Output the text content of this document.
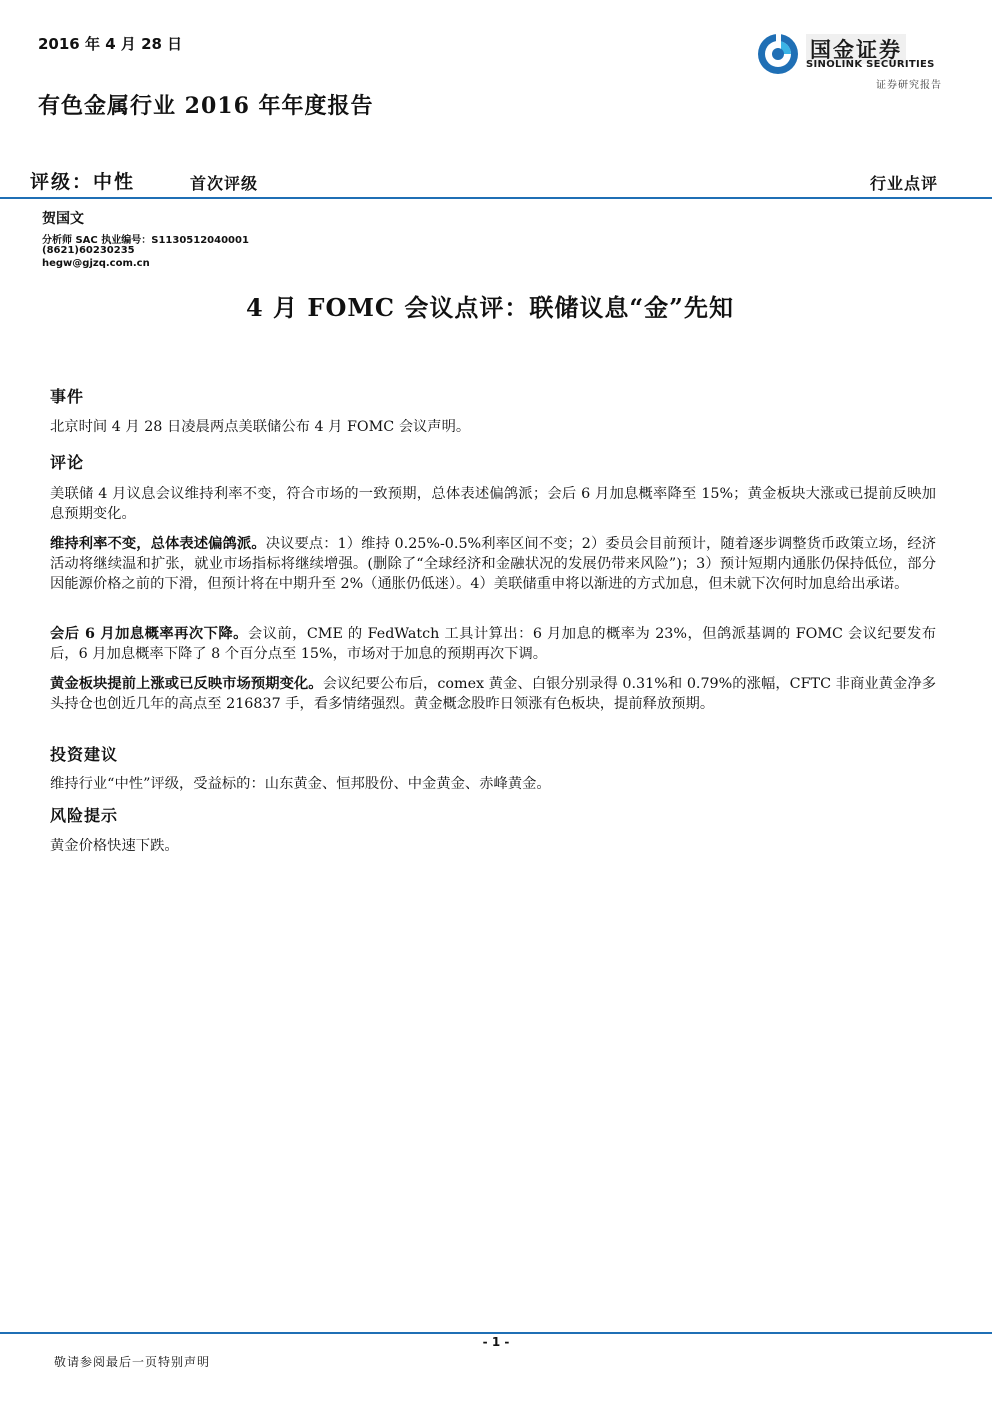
2016 年 4 月 28 日	国金证券
SINOLINK SECURITIES
证券研究报告
有色金属行业 2016 年年度报告
评级：中性	首次评级	行业点评
贺国文
分析师 SAC 执业编号：S1130512040001
(8621)60230235
hegw@gjzq.com.cn
4 月 FOMC 会议点评：联储议息“金”先知
事件
北京时间 4 月 28 日凌晨两点美联储公布 4 月 FOMC 会议声明。
评论
美联储 4 月议息会议维持利率不变，符合市场的一致预期，总体表述偏鸽派；会后 6 月加息概率降至 15%；黄金板块大涨或已提前反映加息预期变化。
维持利率不变，总体表述偏鸽派。决议要点：1）维持 0.25%-0.5%利率区间不变；2）委员会目前预计，随着逐步调整货币政策立场，经济活动将继续温和扩张，就业市场指标将继续增强。(删除了“全球经济和金融状况的发展仍带来风险”)；3）预计短期内通胀仍保持低位，部分因能源价格之前的下滑，但预计将在中期升至 2%（通胀仍低迷）。4）美联储重申将以渐进的方式加息，但未就下次何时加息给出承诺。
会后 6 月加息概率再次下降。会议前，CME 的 FedWatch 工具计算出：6 月加息的概率为 23%，但鸽派基调的 FOMC 会议纪要发布后，6 月加息概率下降了 8 个百分点至 15%，市场对于加息的预期再次下调。
黄金板块提前上涨或已反映市场预期变化。会议纪要公布后，comex 黄金、白银分别录得 0.31%和 0.79%的涨幅，CFTC 非商业黄金净多头持仓也创近几年的高点至 216837 手，看多情绪强烈。黄金概念股昨日领涨有色板块，提前释放预期。
投资建议
维持行业“中性”评级，受益标的：山东黄金、恒邦股份、中金黄金、赤峰黄金。
风险提示
黄金价格快速下跌。
- 1 -
敬请参阅最后一页特别声明
